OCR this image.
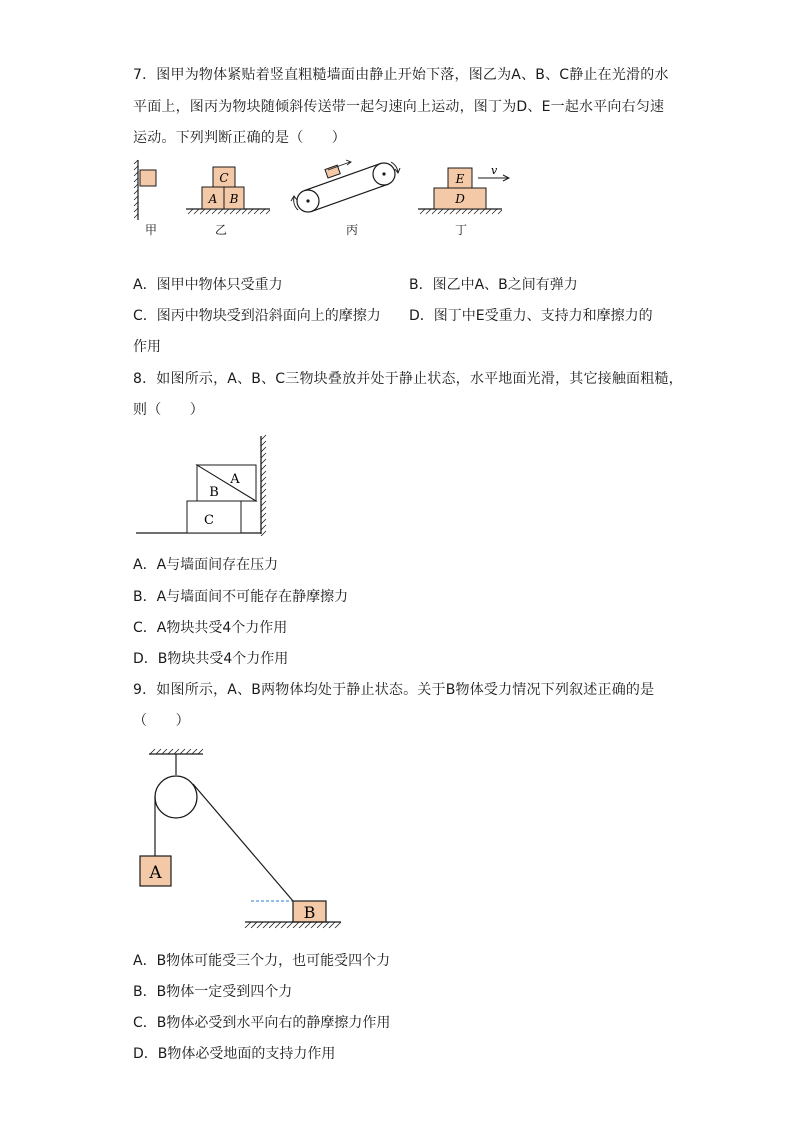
7．图甲为物体紧贴着竖直粗糙墙面由静止开始下落，图乙为A、B、C静止在光滑的水
平面上，图丙为物块随倾斜传送带一起匀速向上运动，图丁为D、E一起水平向右匀速
运动。下列判断正确的是（　　）
C
A B
E
D
v
甲	乙	丙	丁
A．图甲中物体只受重力	B．图乙中A、B之间有弹力
C．图丙中物块受到沿斜面向上的摩擦力 D．图丁中E受重力、支持力和摩擦力的
作用
8．如图所示，A、B、C三物块叠放并处于静止状态，水平地面光滑，其它接触面粗糙，
则（　　）
A
B
C
A．A与墙面间存在压力
B．A与墙面间不可能存在静摩擦力
C．A物块共受4个力作用
D．B物块共受4个力作用
9．如图所示，A、B两物体均处于静止状态。关于B物体受力情况下列叙述正确的是
（　　）
A
B
A．B物体可能受三个力，也可能受四个力
B．B物体一定受到四个力
C．B物体必受到水平向右的静摩擦力作用
D．B物体必受地面的支持力作用
